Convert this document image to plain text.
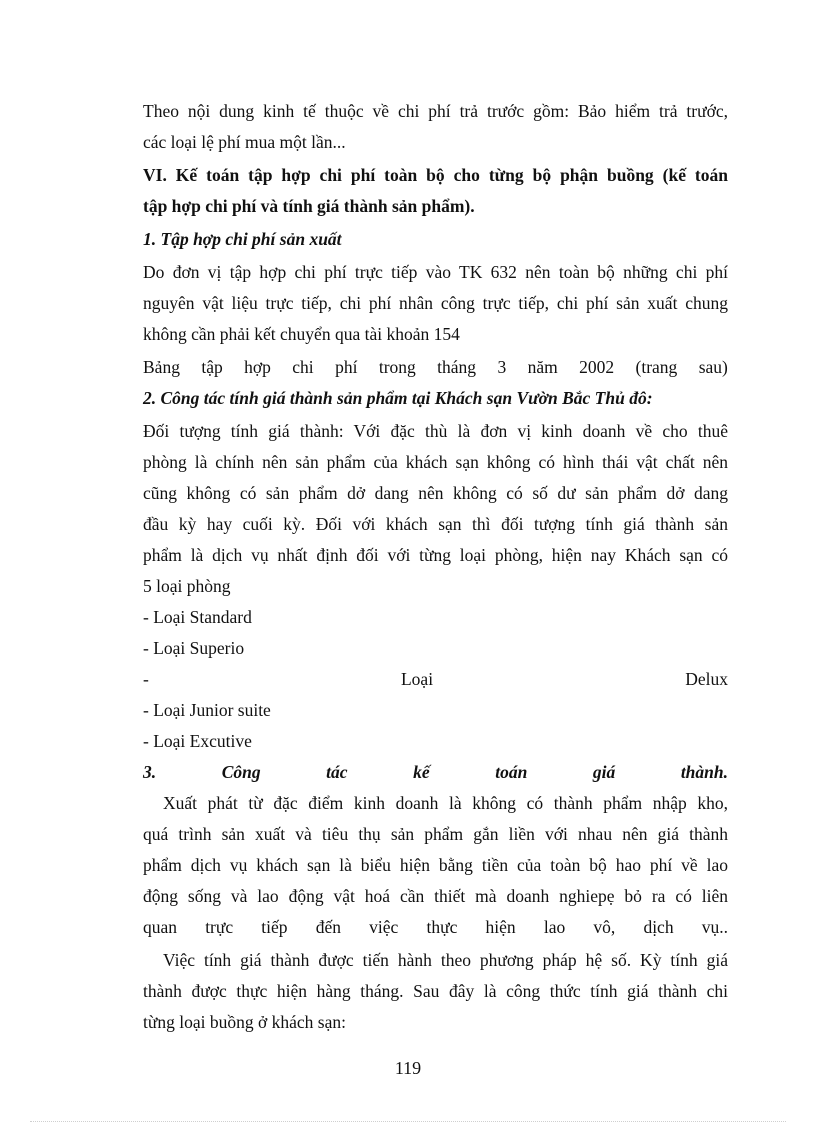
Theo nội dung kinh tế thuộc về chi phí trả trước gồm: Bảo hiểm trả trước,
các loại lệ phí mua một lần...
VI. Kế toán tập hợp chi phí toàn bộ cho từng bộ phận buồng (kế toán
tập hợp chi phí và tính giá thành sản phẩm).
1. Tập hợp chi phí sản xuất
Do đơn vị tập hợp chi phí trực tiếp vào TK 632 nên toàn bộ những chi phí
nguyên vật liệu trực tiếp, chi phí nhân công trực tiếp, chi phí sản xuất chung
không cần phải kết chuyển qua tài khoản 154
Bảng tập hợp chi phí trong tháng 3 năm 2002 (trang sau)
2. Công tác tính giá thành sản phẩm tại Khách sạn Vườn Bắc Thủ đô:
Đối tượng tính giá thành: Với đặc thù là đơn vị kinh doanh về cho thuê
phòng là chính nên sản phẩm của khách sạn không có hình thái vật chất nên
cũng không có sản phẩm dở dang nên không có số dư sản phẩm dở dang
đầu kỳ hay cuối kỳ. Đối với khách sạn thì đối tượng tính giá thành sản
phẩm là dịch vụ nhất định đối với từng loại phòng, hiện nay Khách sạn có
5 loại phòng
- Loại Standard
- Loại Superio
-	Loại	Delux
- Loại Junior suite
- Loại Excutive
3.	Công	tác	kế	toán	giá	thành.
Xuất phát từ đặc điểm kinh doanh là không có thành phẩm nhập kho,
quá trình sản xuất và tiêu thụ sản phẩm gắn liền với nhau nên giá thành
phẩm dịch vụ khách sạn là biểu hiện bằng tiền của toàn bộ hao phí về lao
động sống và lao động vật hoá cần thiết mà doanh nghiepẹ bỏ ra có liên
quan trực tiếp đến việc thực hiện lao vô, dịch vụ..
Việc tính giá thành được tiến hành theo phương pháp hệ số. Kỳ tính giá
thành được thực hiện hàng tháng. Sau đây là công thức tính giá thành chi
từng loại buồng ở khách sạn:
119
